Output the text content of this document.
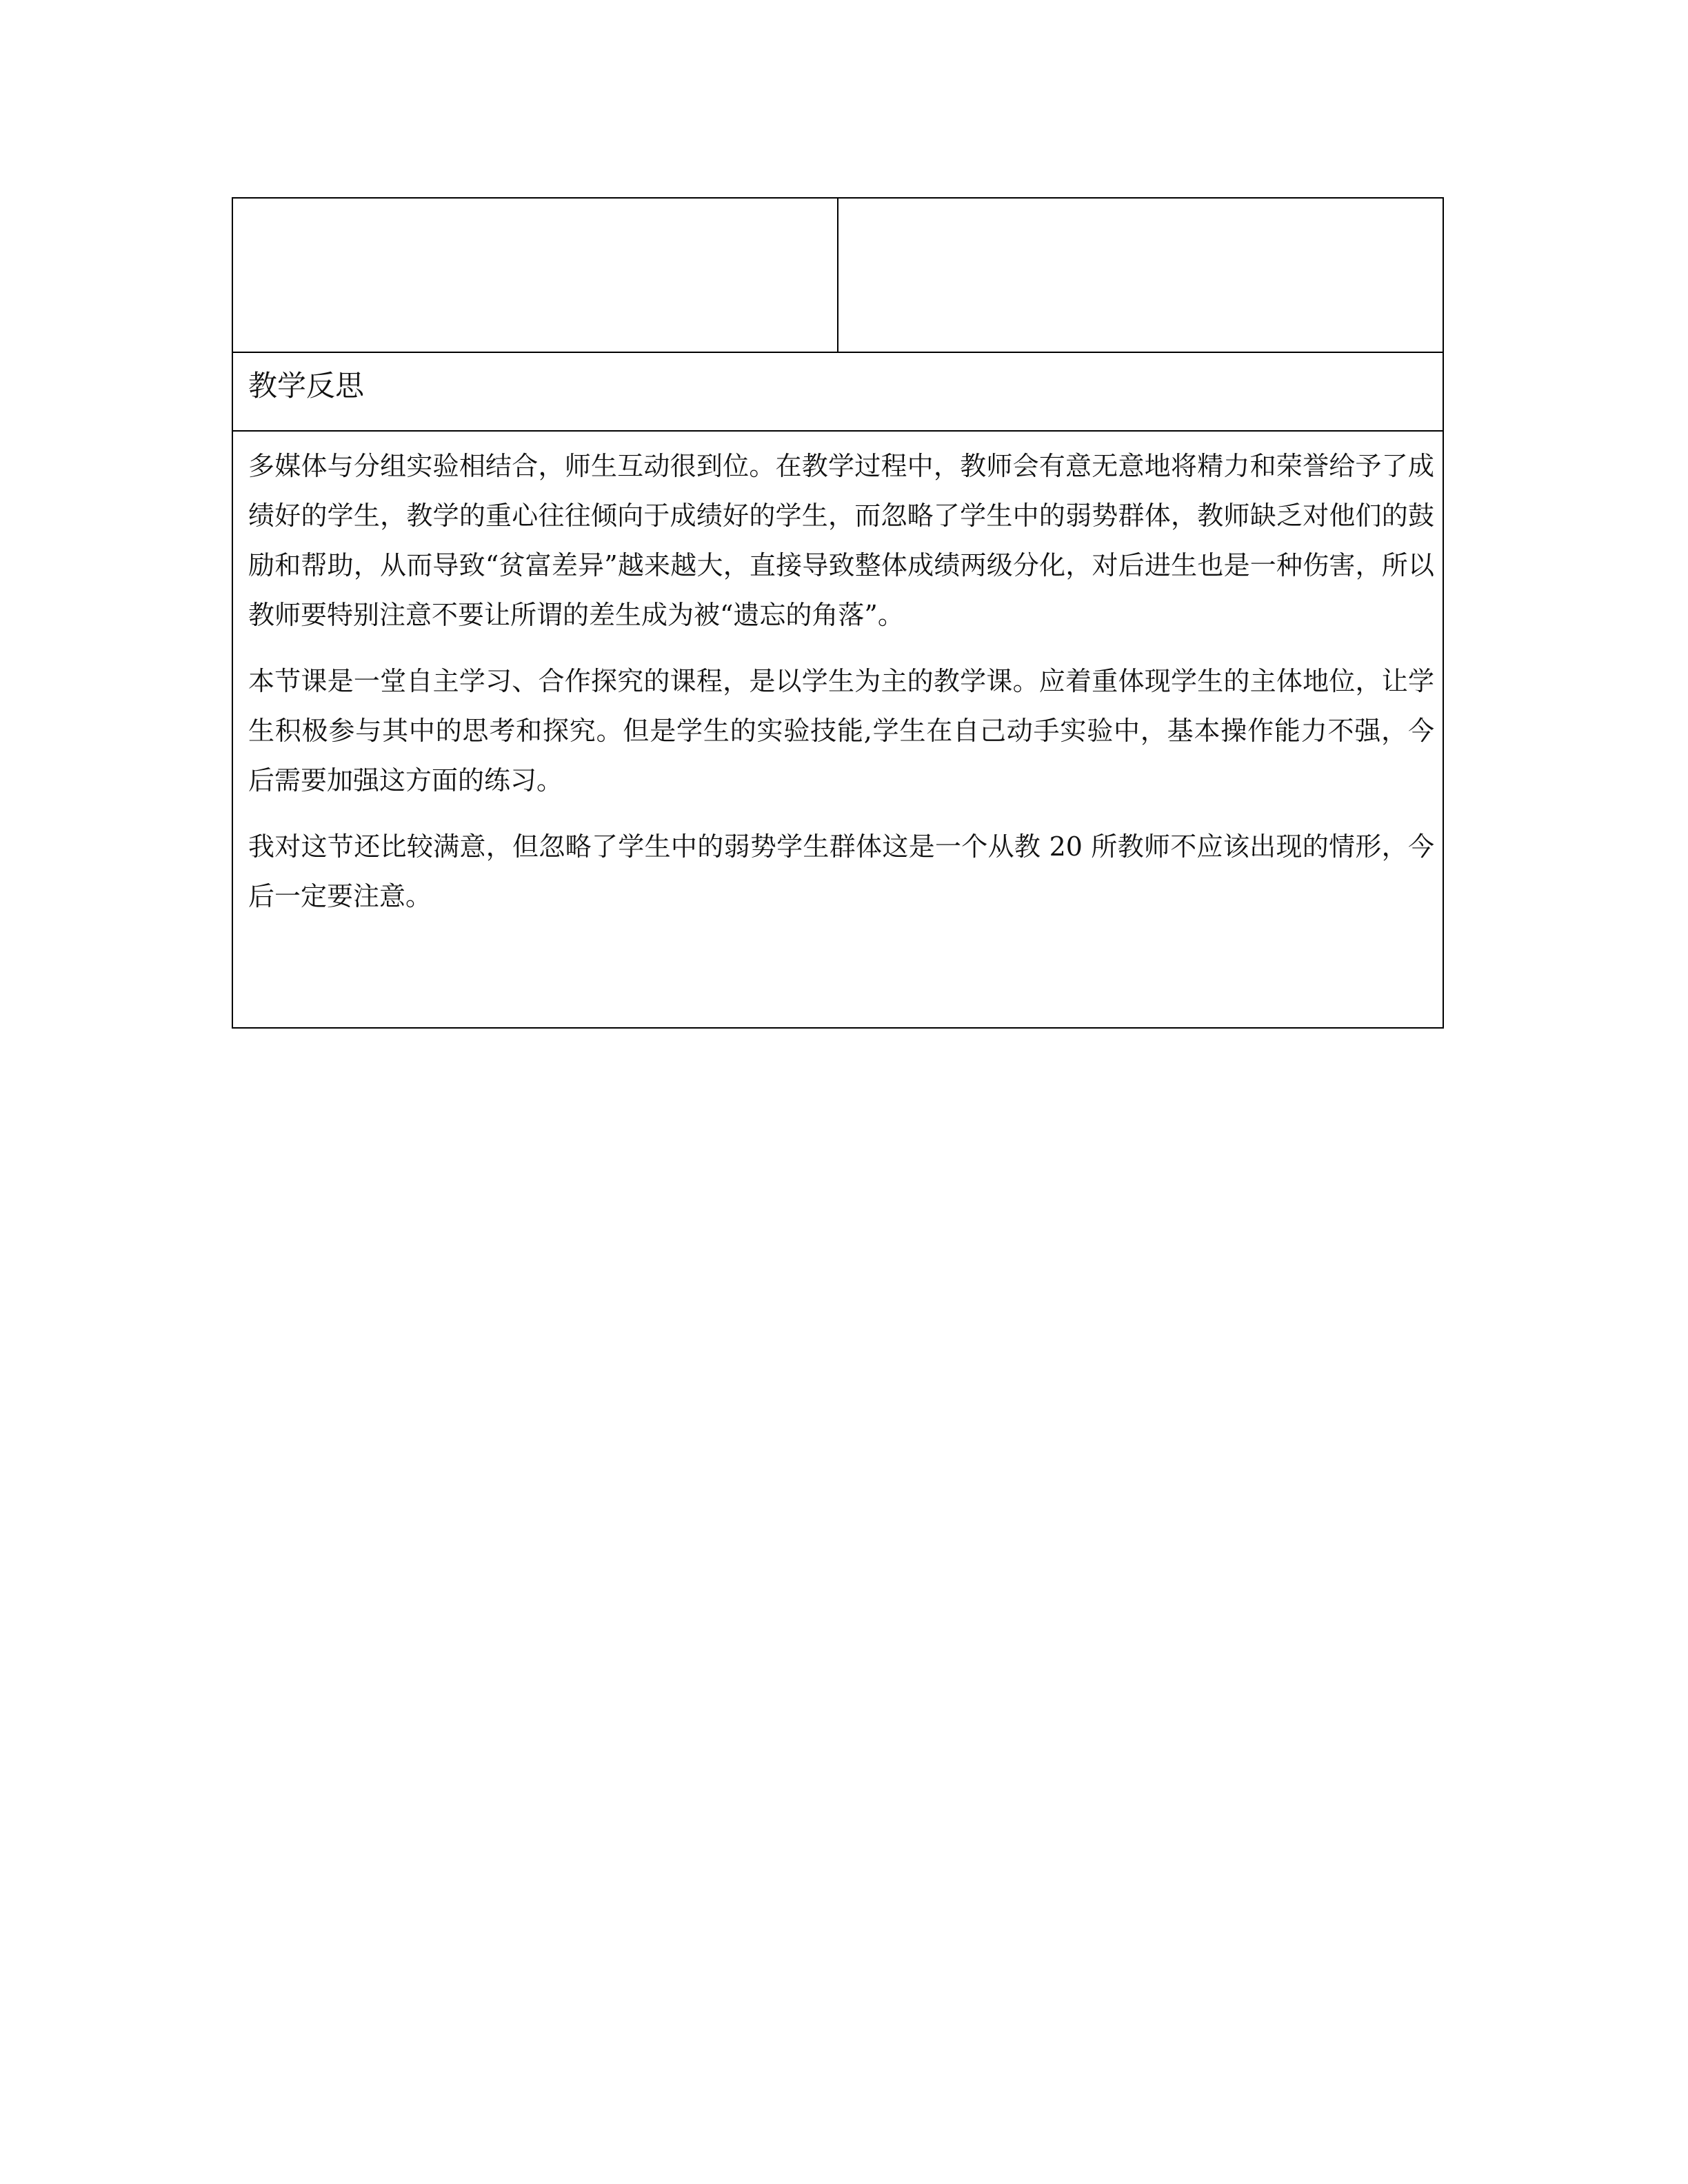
教学反思

多媒体与分组实验相结合，师生互动很到位。在教学过程中，教师会有意无意地将精力和荣誉给予了成绩好的学生，教学的重心往往倾向于成绩好的学生，而忽略了学生中的弱势群体，教师缺乏对他们的鼓励和帮助，从而导致“贫富差异”越来越大，直接导致整体成绩两级分化，对后进生也是一种伤害，所以教师要特别注意不要让所谓的差生成为被“遗忘的角落”。

本节课是一堂自主学习、合作探究的课程，是以学生为主的教学课。应着重体现学生的主体地位，让学生积极参与其中的思考和探究。但是学生的实验技能,学生在自己动手实验中，基本操作能力不强，今后需要加强这方面的练习。

我对这节还比较满意，但忽略了学生中的弱势学生群体这是一个从教 20 所教师不应该出现的情形，今后一定要注意。
